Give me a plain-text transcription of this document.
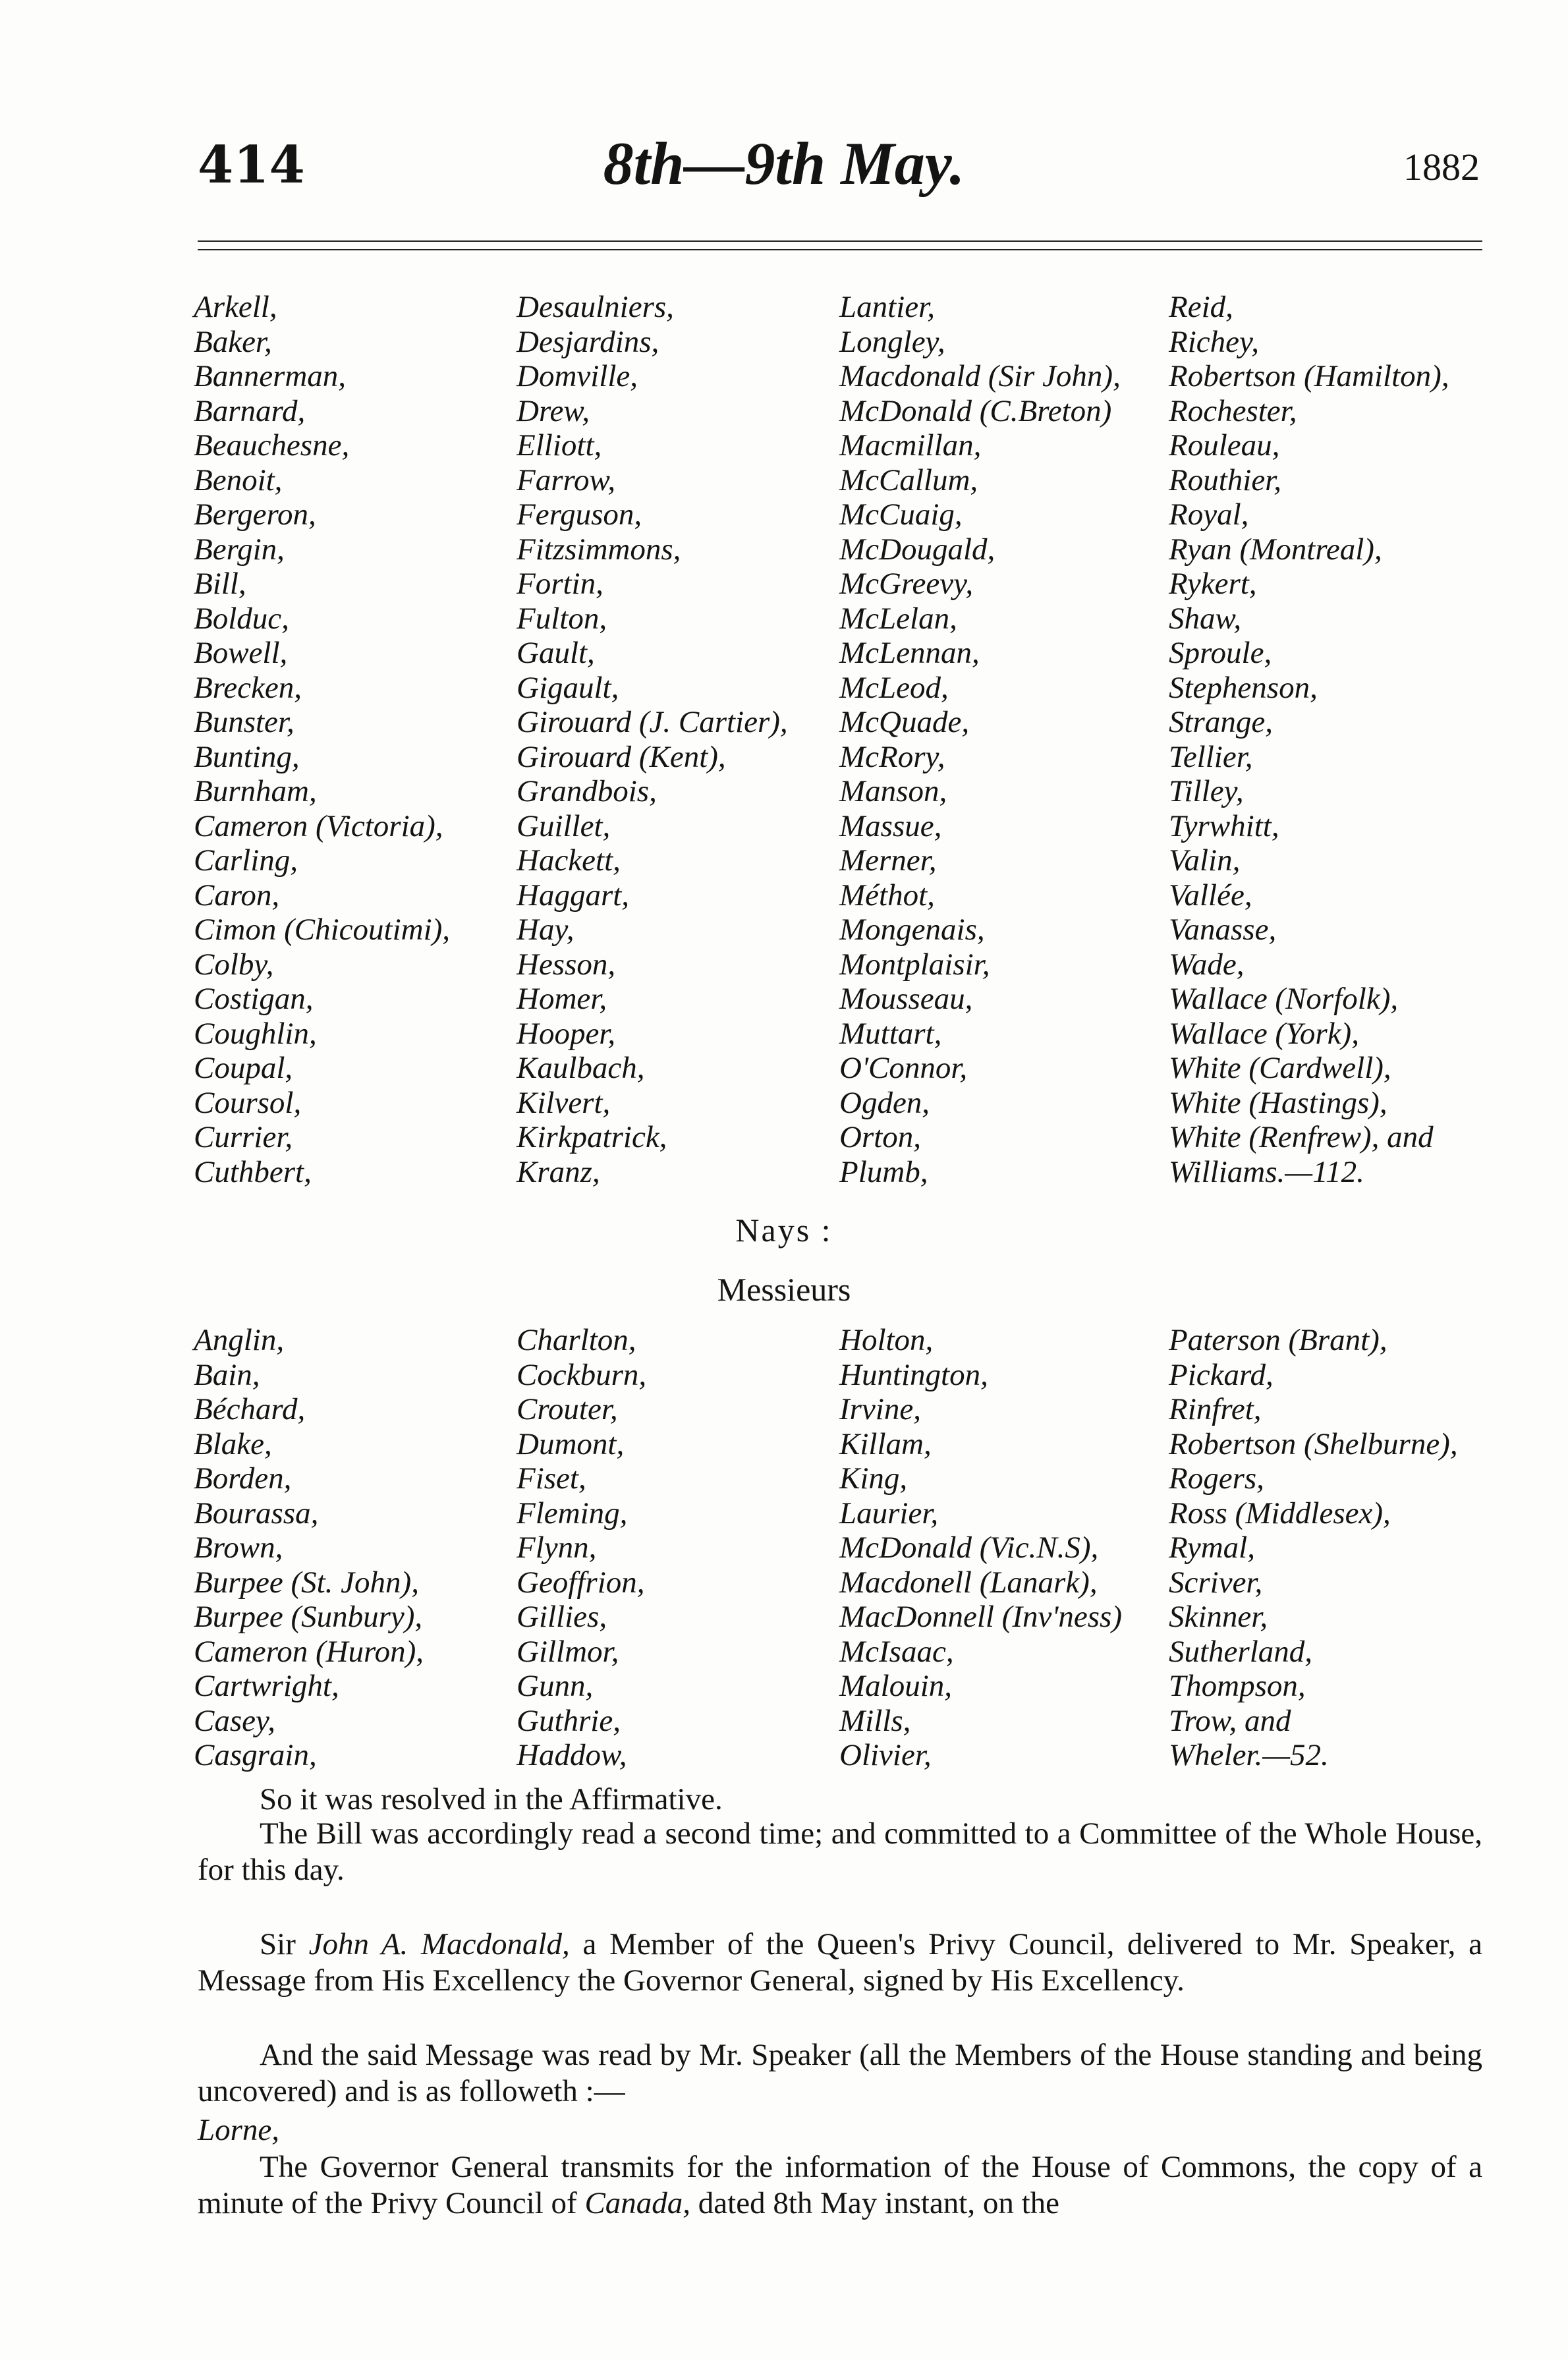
414	8th—9th May.	1882
Arkell,
Baker,
Bannerman,
Barnard,
Beauchesne,
Benoit,
Bergeron,
Bergin,
Bill,
Bolduc,
Bowell,
Brecken,
Bunster,
Bunting,
Burnham,
Cameron (Victoria),
Carling,
Caron,
Cimon (Chicoutimi),
Colby,
Costigan,
Coughlin,
Coupal,
Coursol,
Currier,
Cuthbert,
Desaulniers,
Desjardins,
Domville,
Drew,
Elliott,
Farrow,
Ferguson,
Fitzsimmons,
Fortin,
Fulton,
Gault,
Gigault,
Girouard (J. Cartier),
Girouard (Kent),
Grandbois,
Guillet,
Hackett,
Haggart,
Hay,
Hesson,
Homer,
Hooper,
Kaulbach,
Kilvert,
Kirkpatrick,
Kranz,
Lantier,
Longley,
Macdonald (Sir John),
McDonald (C.Breton)
Macmillan,
McCallum,
McCuaig,
McDougald,
McGreevy,
McLelan,
McLennan,
McLeod,
McQuade,
McRory,
Manson,
Massue,
Merner,
Méthot,
Mongenais,
Montplaisir,
Mousseau,
Muttart,
O'Connor,
Ogden,
Orton,
Plumb,
Reid,
Richey,
Robertson (Hamilton),
Rochester,
Rouleau,
Routhier,
Royal,
Ryan (Montreal),
Rykert,
Shaw,
Sproule,
Stephenson,
Strange,
Tellier,
Tilley,
Tyrwhitt,
Valin,
Vallée,
Vanasse,
Wade,
Wallace (Norfolk),
Wallace (York),
White (Cardwell),
White (Hastings),
White (Renfrew), and
Williams.—112.
Nays :
Messieurs
Anglin,
Bain,
Béchard,
Blake,
Borden,
Bourassa,
Brown,
Burpee (St. John),
Burpee (Sunbury),
Cameron (Huron),
Cartwright,
Casey,
Casgrain,
Charlton,
Cockburn,
Crouter,
Dumont,
Fiset,
Fleming,
Flynn,
Geoffrion,
Gillies,
Gillmor,
Gunn,
Guthrie,
Haddow,
Holton,
Huntington,
Irvine,
Killam,
King,
Laurier,
McDonald (Vic.N.S),
Macdonell (Lanark),
MacDonnell (Inv'ness)
McIsaac,
Malouin,
Mills,
Olivier,
Paterson (Brant),
Pickard,
Rinfret,
Robertson (Shelburne),
Rogers,
Ross (Middlesex),
Rymal,
Scriver,
Skinner,
Sutherland,
Thompson,
Trow, and
Wheler.—52.
So it was resolved in the Affirmative.
The Bill was accordingly read a second time; and committed to a Committee of the Whole House, for this day.
Sir John A. Macdonald, a Member of the Queen's Privy Council, delivered to Mr. Speaker, a Message from His Excellency the Governor General, signed by His Excellency.
And the said Message was read by Mr. Speaker (all the Members of the House standing and being uncovered) and is as followeth :—
Lorne,
The Governor General transmits for the information of the House of Commons, the copy of a minute of the Privy Council of Canada, dated 8th May instant, on the
